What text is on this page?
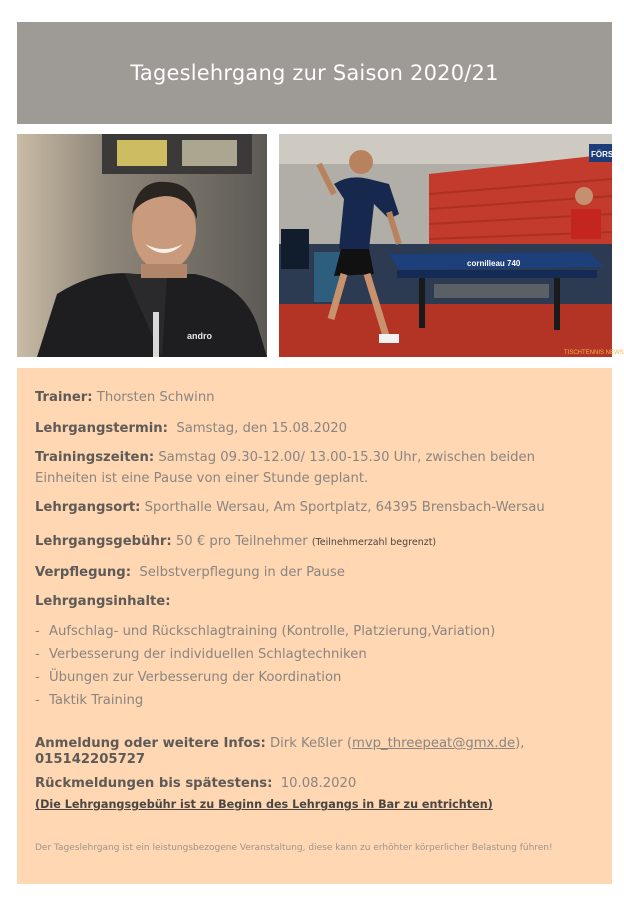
Tageslehrgang zur Saison 2020/21
andro
FÖRST
cornilleau 740
TISCHTENNIS NEWS
Trainer: Thorsten Schwinn
Lehrgangstermin: Samstag, den 15.08.2020
Trainingszeiten: Samstag 09.30-12.00/ 13.00-15.30 Uhr, zwischen beiden Einheiten ist eine Pause von einer Stunde geplant.
Lehrgangsort: Sporthalle Wersau, Am Sportplatz, 64395 Brensbach-Wersau
Lehrgangsgebühr: 50 € pro Teilnehmer (Teilnehmerzahl begrenzt)
Verpflegung: Selbstverpflegung in der Pause
Lehrgangsinhalte:
- Aufschlag- und Rückschlagtraining (Kontrolle, Platzierung,Variation)
- Verbesserung der individuellen Schlagtechniken
- Übungen zur Verbesserung der Koordination
- Taktik Training
Anmeldung oder weitere Infos: Dirk Keßler (mvp_threepeat@gmx.de),
015142205727
Rückmeldungen bis spätestens: 10.08.2020
(Die Lehrgangsgebühr ist zu Beginn des Lehrgangs in Bar zu entrichten)
Der Tageslehrgang ist ein leistungsbezogene Veranstaltung, diese kann zu erhöhter körperlicher Belastung führen!
